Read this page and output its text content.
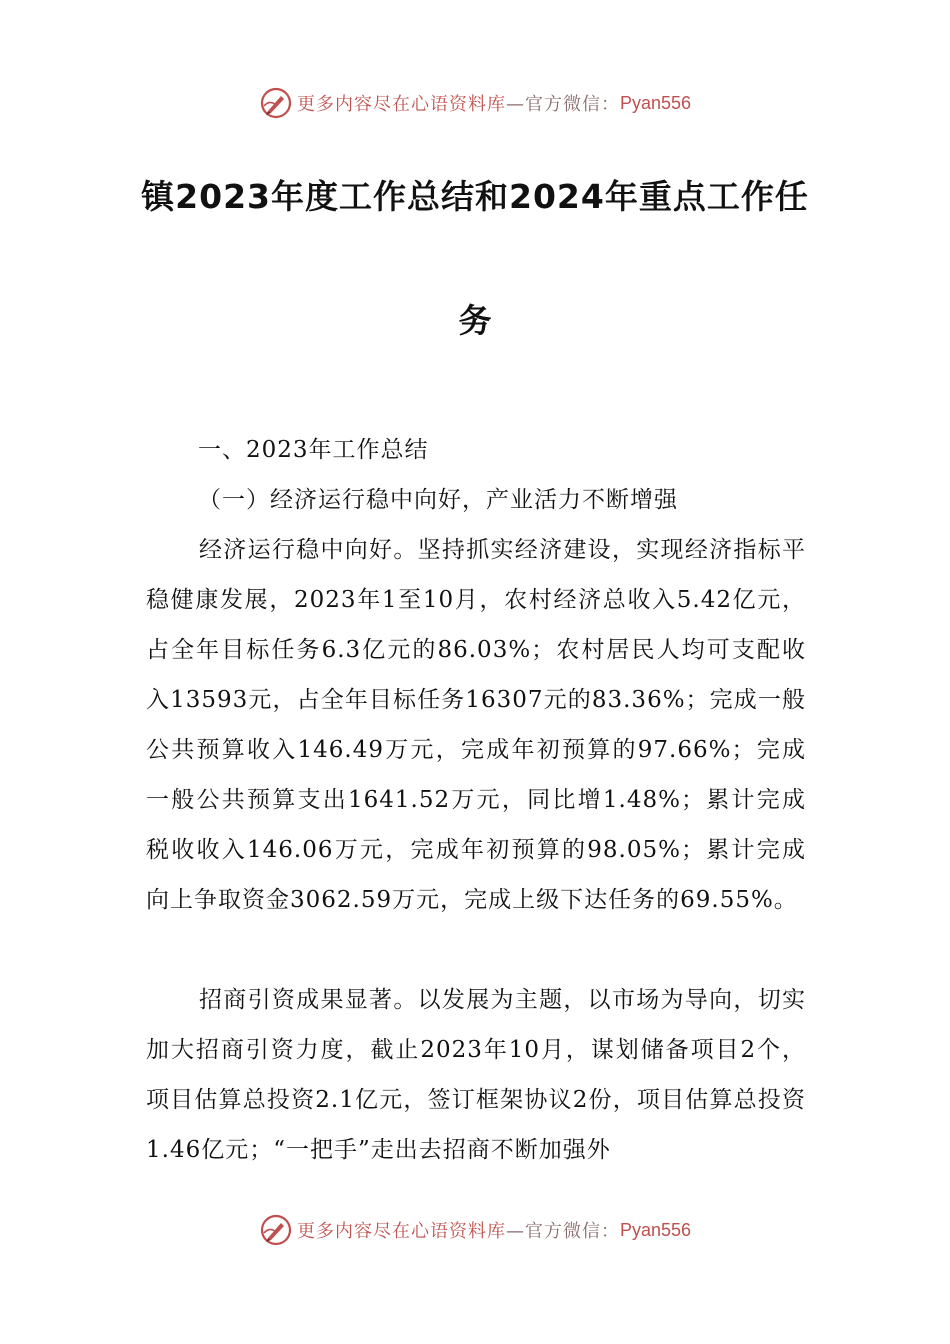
更多内容尽在心语资料库 —官方微信： Pyan556
镇2023年度工作总结和2024年重点工作任
务
一、2023年工作总结
（一）经济运行稳中向好，产业活力不断增强
经济运行稳中向好。坚持抓实经济建设，实现经济指标平稳健康发展，2023年1至10月，农村经济总收入5.42亿元，占全年目标任务6.3亿元的86.03%；农村居民人均可支配收入13593元，占全年目标任务16307元的83.36%；完成一般公共预算收入146.49万元，完成年初预算的97.66%；完成一般公共预算支出1641.52万元，同比增1.48%；累计完成税收收入146.06万元，完成年初预算的98.05%；累计完成向上争取资金3062.59万元，完成上级下达任务的69.55%。
招商引资成果显著。以发展为主题，以市场为导向，切实加大招商引资力度，截止2023年10月，谋划储备项目2个，项目估算总投资2.1亿元，签订框架协议2份，项目估算总投资1.46亿元；“一把手”走出去招商不断加强外
更多内容尽在心语资料库 —官方微信： Pyan556
